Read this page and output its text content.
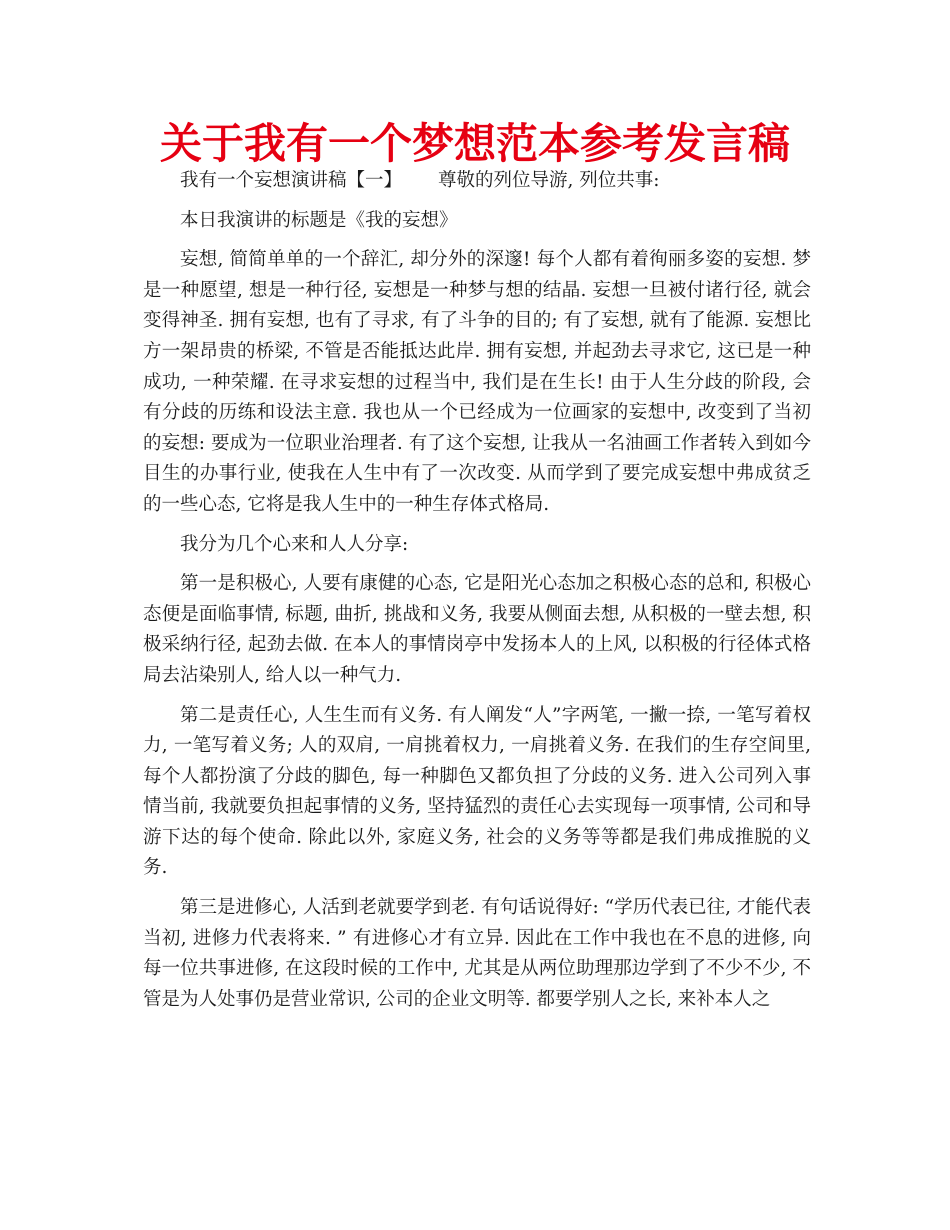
关于我有一个梦想范本参考发言稿

我有一个妄想演讲稿【一】 尊敬的列位导游, 列位共事:

本日我演讲的标题是《我的妄想》

妄想, 简简单单的一个辞汇, 却分外的深邃! 每个人都有着徇丽多姿的妄想. 梦是一种愿望, 想是一种行径, 妄想是一种梦与想的结晶. 妄想一旦被付诸行径, 就会变得神圣. 拥有妄想, 也有了寻求, 有了斗争的目的; 有了妄想, 就有了能源. 妄想比方一架昂贵的桥梁, 不管是否能抵达此岸. 拥有妄想, 并起劲去寻求它, 这已是一种成功, 一种荣耀. 在寻求妄想的过程当中, 我们是在生长! 由于人生分歧的阶段, 会有分歧的历练和设法主意. 我也从一个已经成为一位画家的妄想中, 改变到了当初的妄想: 要成为一位职业治理者. 有了这个妄想, 让我从一名油画工作者转入到如今目生的办事行业, 使我在人生中有了一次改变. 从而学到了要完成妄想中弗成贫乏的一些心态, 它将是我人生中的一种生存体式格局.

我分为几个心来和人人分享:

第一是积极心, 人要有康健的心态, 它是阳光心态加之积极心态的总和, 积极心态便是面临事情, 标题, 曲折, 挑战和义务, 我要从侧面去想, 从积极的一壁去想, 积极采纳行径, 起劲去做. 在本人的事情岗亭中发扬本人的上风, 以积极的行径体式格局去沾染别人, 给人以一种气力.

第二是责任心, 人生生而有义务. 有人阐发“人”字两笔, 一撇一捺, 一笔写着权力, 一笔写着义务; 人的双肩, 一肩挑着权力, 一肩挑着义务. 在我们的生存空间里, 每个人都扮演了分歧的脚色, 每一种脚色又都负担了分歧的义务. 进入公司列入事情当前, 我就要负担起事情的义务, 坚持猛烈的责任心去实现每一项事情, 公司和导游下达的每个使命. 除此以外, 家庭义务, 社会的义务等等都是我们弗成推脱的义务.

第三是进修心, 人活到老就要学到老. 有句话说得好: “学历代表已往, 才能代表当初, 进修力代表将来. ” 有进修心才有立异. 因此在工作中我也在不息的进修, 向每一位共事进修, 在这段时候的工作中, 尤其是从两位助理那边学到了不少不少, 不管是为人处事仍是营业常识, 公司的企业文明等. 都要学别人之长, 来补本人之
